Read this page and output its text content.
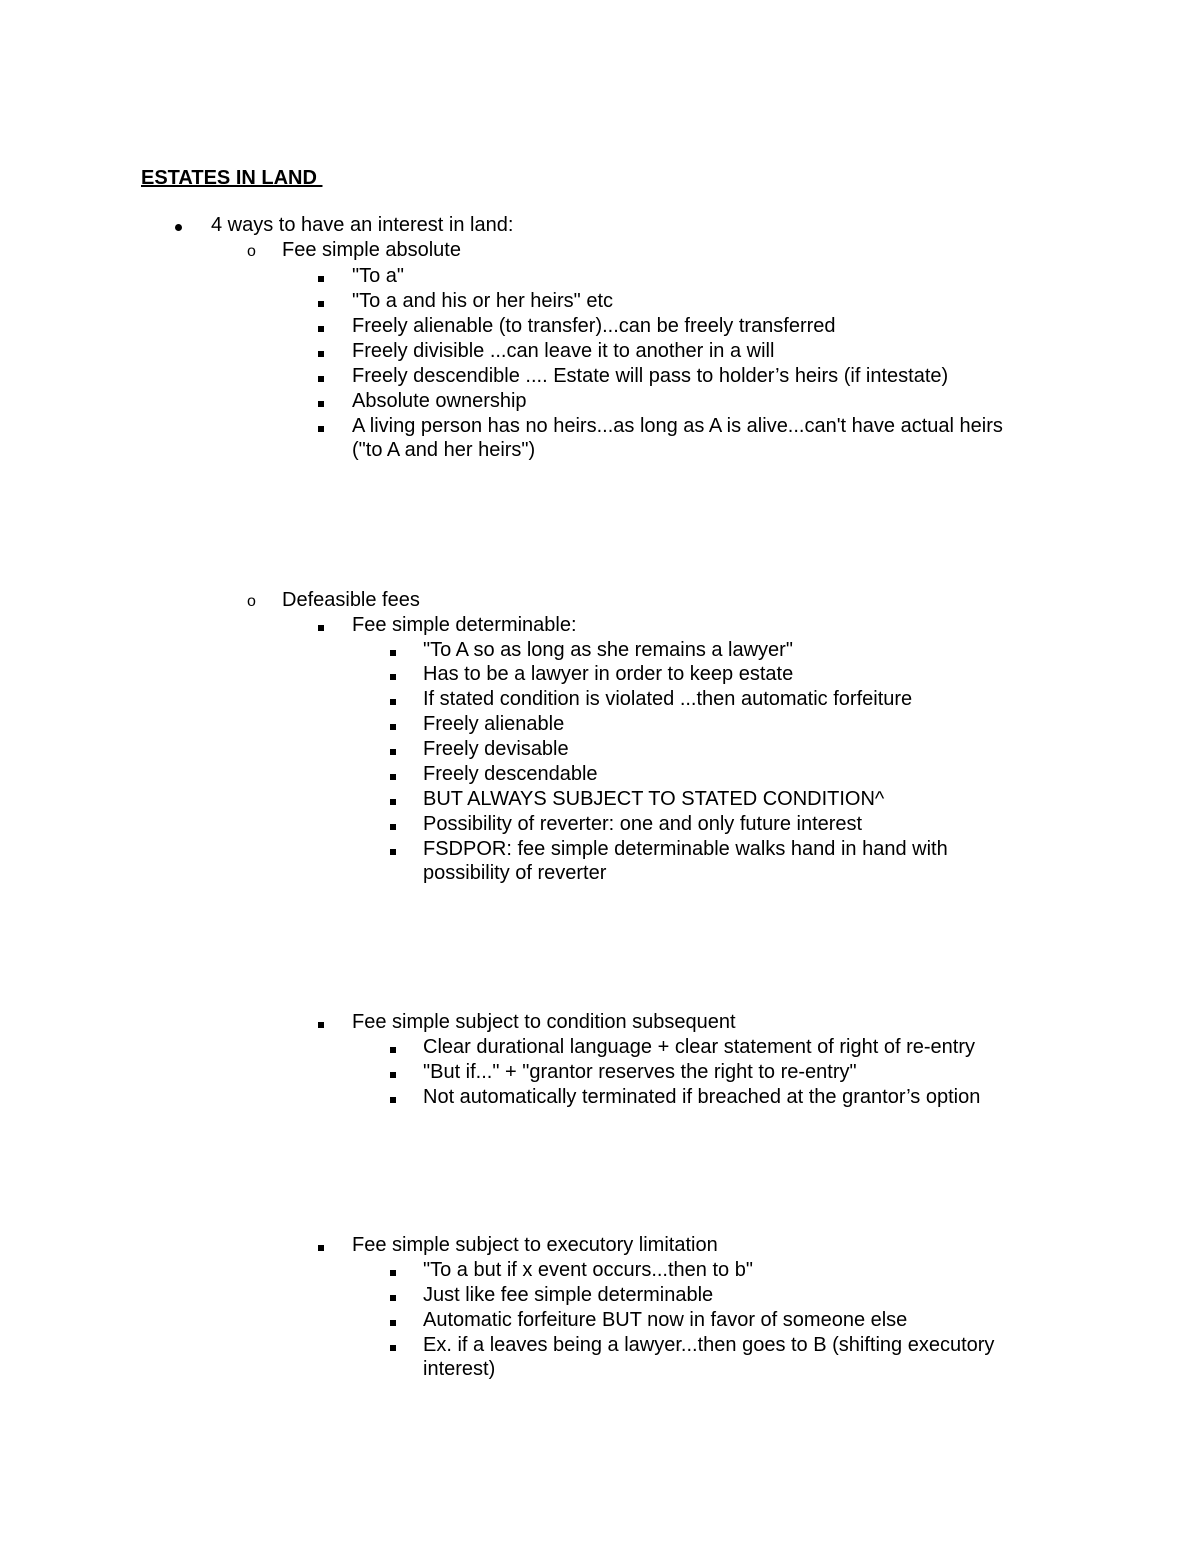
ESTATES IN LAND
4 ways to have an interest in land:
o Fee simple absolute
"To a"
"To a and his or her heirs" etc
Freely alienable (to transfer)...can be freely transferred
Freely divisible ...can leave it to another in a will
Freely descendible .... Estate will pass to holder’s heirs (if intestate)
Absolute ownership
A living person has no heirs...as long as A is alive...can't have actual heirs
("to A and her heirs")
o Defeasible fees
Fee simple determinable:
"To A so as long as she remains a lawyer"
Has to be a lawyer in order to keep estate
If stated condition is violated ...then automatic forfeiture
Freely alienable
Freely devisable
Freely descendable
BUT ALWAYS SUBJECT TO STATED CONDITION^
Possibility of reverter: one and only future interest
FSDPOR: fee simple determinable walks hand in hand with
possibility of reverter
Fee simple subject to condition subsequent
Clear durational language + clear statement of right of re-entry
"But if..." + "grantor reserves the right to re-entry"
Not automatically terminated if breached at the grantor’s option
Fee simple subject to executory limitation
"To a but if x event occurs...then to b"
Just like fee simple determinable
Automatic forfeiture BUT now in favor of someone else
Ex. if a leaves being a lawyer...then goes to B (shifting executory
interest)
